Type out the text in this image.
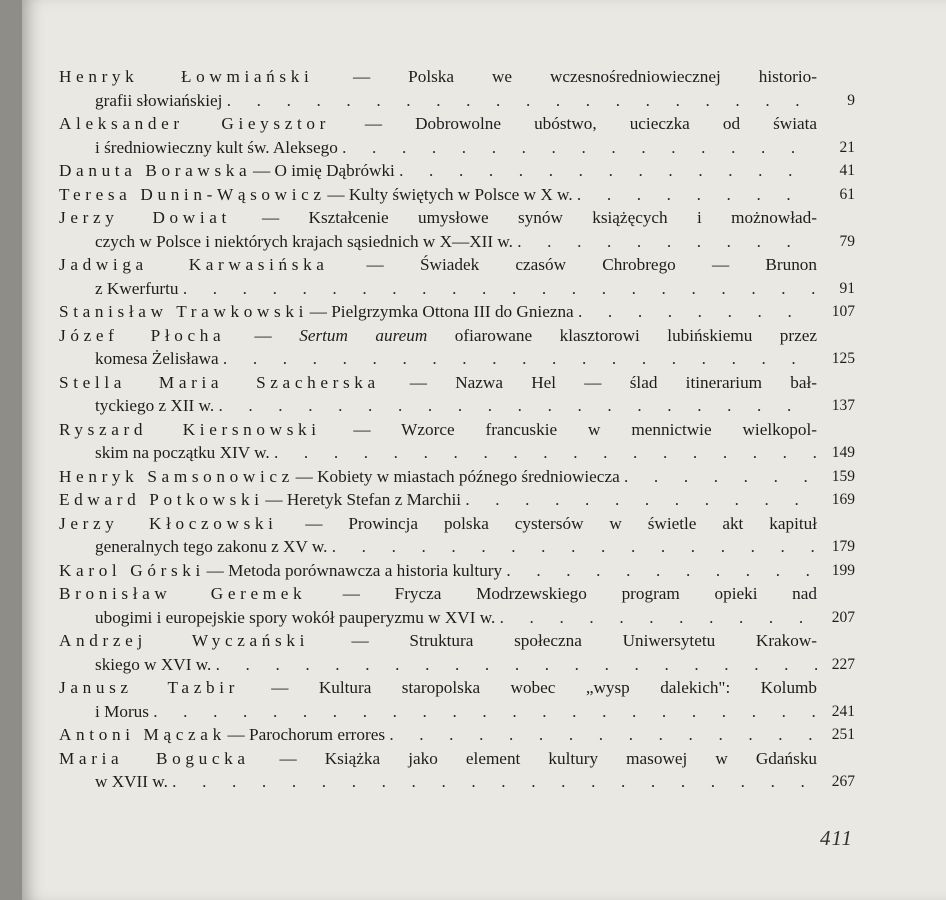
Henryk Łowmiański — Polska we wczesnośredniowiecznej historio-
grafii słowiańskiej . . .	9
Aleksander Gieysztor — Dobrowolne ubóstwo, ucieczka od świata
i średniowieczny kult św. Aleksego . . .	21
Danuta Borawska — O imię Dąbrówki . . .	41
Teresa Dunin-Wąsowicz — Kulty świętych w Polsce w X w. . . .	61
Jerzy Dowiat — Kształcenie umysłowe synów książęcych i możnowład-
czych w Polsce i niektórych krajach sąsiednich w X—XII w. . . .	79
Jadwiga Karwasińska — Świadek czasów Chrobrego — Brunon
z Kwerfurtu . . .	91
Stanisław Trawkowski — Pielgrzymka Ottona III do Gniezna . . .	107
Józef Płocha — Sertum aureum ofiarowane klasztorowi lubińskiemu przez
komesa Żelisława . . .	125
Stella Maria Szacherska — Nazwa Hel — ślad itinerarium bał-
tyckiego z XII w. . . .	137
Ryszard Kiersnowski — Wzorce francuskie w mennictwie wielkopol-
skim na początku XIV w. . . .	149
Henryk Samsonowicz — Kobiety w miastach późnego średniowiecza . . .	159
Edward Potkowski — Heretyk Stefan z Marchii . . .	169
Jerzy Kłoczowski — Prowincja polska cystersów w świetle akt kapituł
generalnych tego zakonu z XV w. . . .	179
Karol Górski — Metoda porównawcza a historia kultury . . .	199
Bronisław Geremek — Frycza Modrzewskiego program opieki nad
ubogimi i europejskie spory wokół pauperyzmu w XVI w. . . .	207
Andrzej Wyczański — Struktura społeczna Uniwersytetu Krakow-
skiego w XVI w. . . .	227
Janusz Tazbir — Kultura staropolska wobec „wysp dalekich": Kolumb
i Morus . . .	241
Antoni Mączak — Parochorum errores . . .	251
Maria Bogucka — Książka jako element kultury masowej w Gdańsku
w XVII w. . . .	267
411
